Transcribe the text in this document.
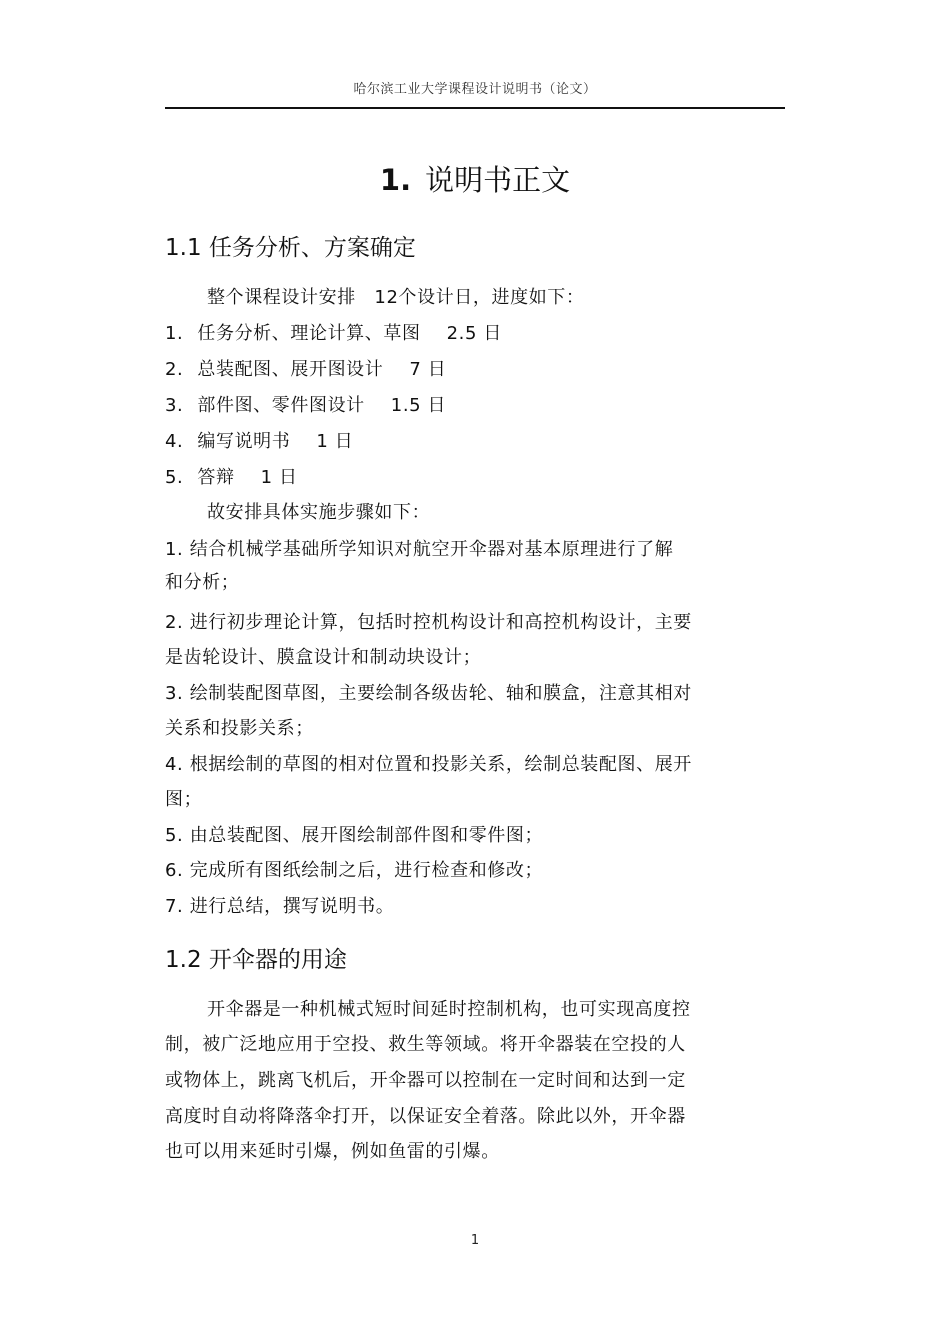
哈尔滨工业大学课程设计说明书（论文）
1. 说明书正文
1.1 任务分析、方案确定
整个课程设计安排　12个设计日，进度如下：
1. 任务分析、理论计算、草图 2.5 日
2. 总装配图、展开图设计 7 日
3. 部件图、零件图设计 1.5 日
4. 编写说明书 1 日
5. 答辩 1 日
故安排具体实施步骤如下：
1. 结合机械学基础所学知识对航空开伞器对基本原理进行了解
和分析；
2. 进行初步理论计算，包括时控机构设计和高控机构设计，主要
是齿轮设计、膜盒设计和制动块设计；
3. 绘制装配图草图，主要绘制各级齿轮、轴和膜盒，注意其相对
关系和投影关系；
4. 根据绘制的草图的相对位置和投影关系，绘制总装配图、展开
图；
5. 由总装配图、展开图绘制部件图和零件图；
6. 完成所有图纸绘制之后，进行检查和修改；
7. 进行总结，撰写说明书。
1.2 开伞器的用途
开伞器是一种机械式短时间延时控制机构，也可实现高度控
制，被广泛地应用于空投、救生等领域。将开伞器装在空投的人
或物体上，跳离飞机后，开伞器可以控制在一定时间和达到一定
高度时自动将降落伞打开，以保证安全着落。除此以外，开伞器
也可以用来延时引爆，例如鱼雷的引爆。
1
